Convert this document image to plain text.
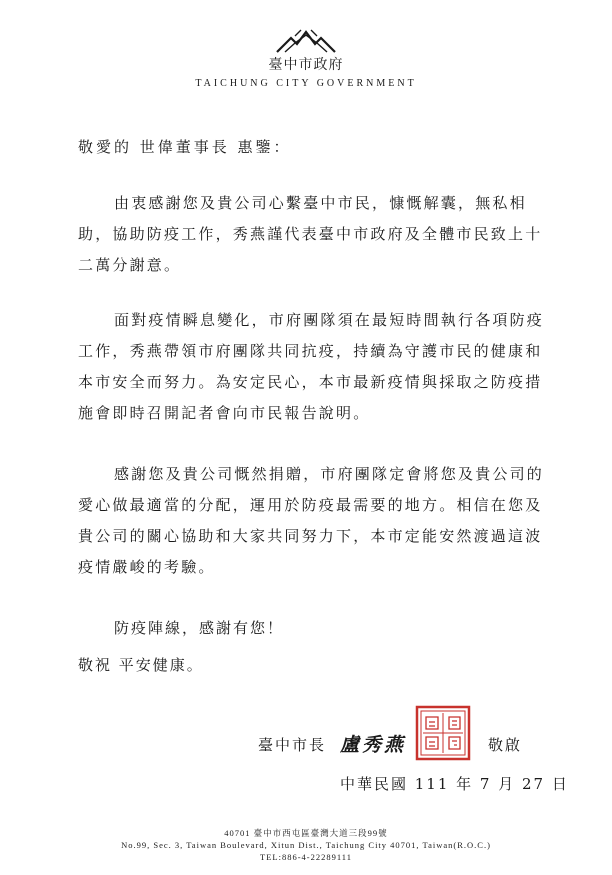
臺中市政府
TAICHUNG CITY GOVERNMENT
敬愛的 世偉董事長 惠鑒：

由衷感謝您及貴公司心繫臺中市民，慷慨解囊，無私相助，協助防疫工作，秀燕謹代表臺中市政府及全體市民致上十二萬分謝意。

面對疫情瞬息變化，市府團隊須在最短時間執行各項防疫工作，秀燕帶領市府團隊共同抗疫，持續為守護市民的健康和本市安全而努力。為安定民心，本市最新疫情與採取之防疫措施會即時召開記者會向市民報告說明。

感謝您及貴公司慨然捐贈，市府團隊定會將您及貴公司的愛心做最適當的分配，運用於防疫最需要的地方。相信在您及貴公司的關心協助和大家共同努力下，本市定能安然渡過這波疫情嚴峻的考驗。

防疫陣線，感謝有您！
敬祝 平安健康。
臺中市長 盧秀燕	敬啟
中華民國 111 年 7 月 27 日
40701 臺中市西屯區臺灣大道三段99號
No.99, Sec. 3, Taiwan Boulevard, Xitun Dist., Taichung City 40701, Taiwan(R.O.C.)
TEL:886-4-22289111
